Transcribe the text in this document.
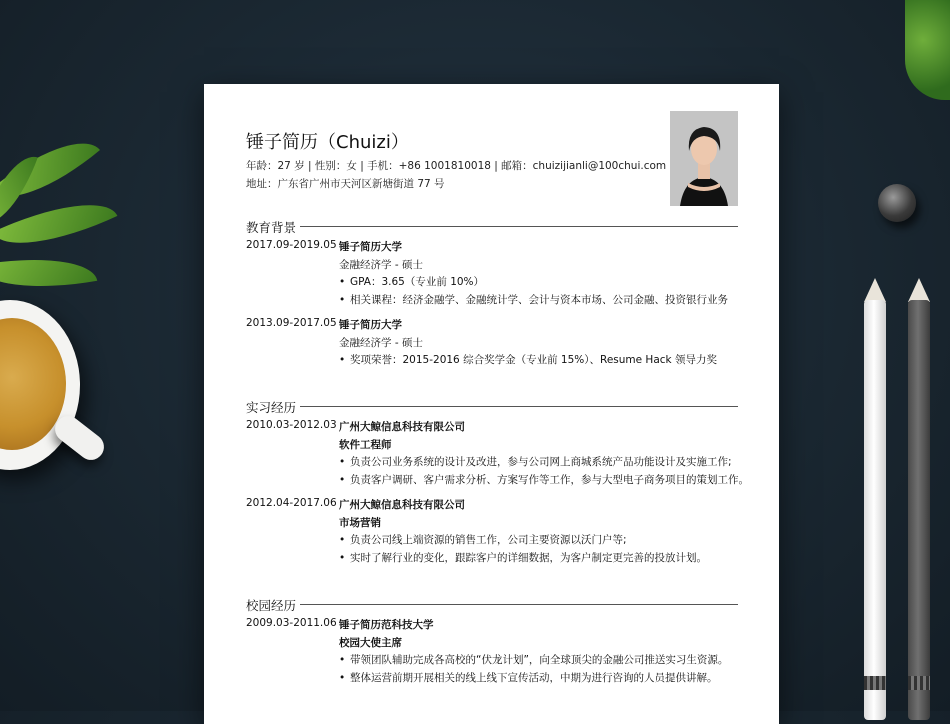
锤子简历（Chuizi）
年龄：27 岁 | 性别：女 | 手机：+86 1001810018 | 邮箱：chuizijianli@100chui.com
地址：广东省广州市天河区新塘街道 77 号
教育背景
2017.09-2019.05 锤子简历大学
金融经济学 - 硕士
• GPA：3.65（专业前 10%）
• 相关课程：经济金融学、金融统计学、会计与资本市场、公司金融、投资银行业务
2013.09-2017.05 锤子简历大学
金融经济学 - 硕士
• 奖项荣誉：2015-2016 综合奖学金（专业前 15%）、Resume Hack 领导力奖
实习经历
2010.03-2012.03 广州大鲸信息科技有限公司
软件工程师
• 负责公司业务系统的设计及改进，参与公司网上商城系统产品功能设计及实施工作;
• 负责客户调研、客户需求分析、方案写作等工作，参与大型电子商务项目的策划工作。
2012.04-2017.06 广州大鲸信息科技有限公司
市场营销
• 负责公司线上端资源的销售工作，公司主要资源以沃门户等;
• 实时了解行业的变化，跟踪客户的详细数据，为客户制定更完善的投放计划。
校园经历
2009.03-2011.06 锤子简历范科技大学
校园大使主席
• 带领团队辅助完成各高校的“伏龙计划”，向全球顶尖的金融公司推送实习生资源。
• 整体运营前期开展相关的线上线下宣传活动，中期为进行咨询的人员提供讲解。
